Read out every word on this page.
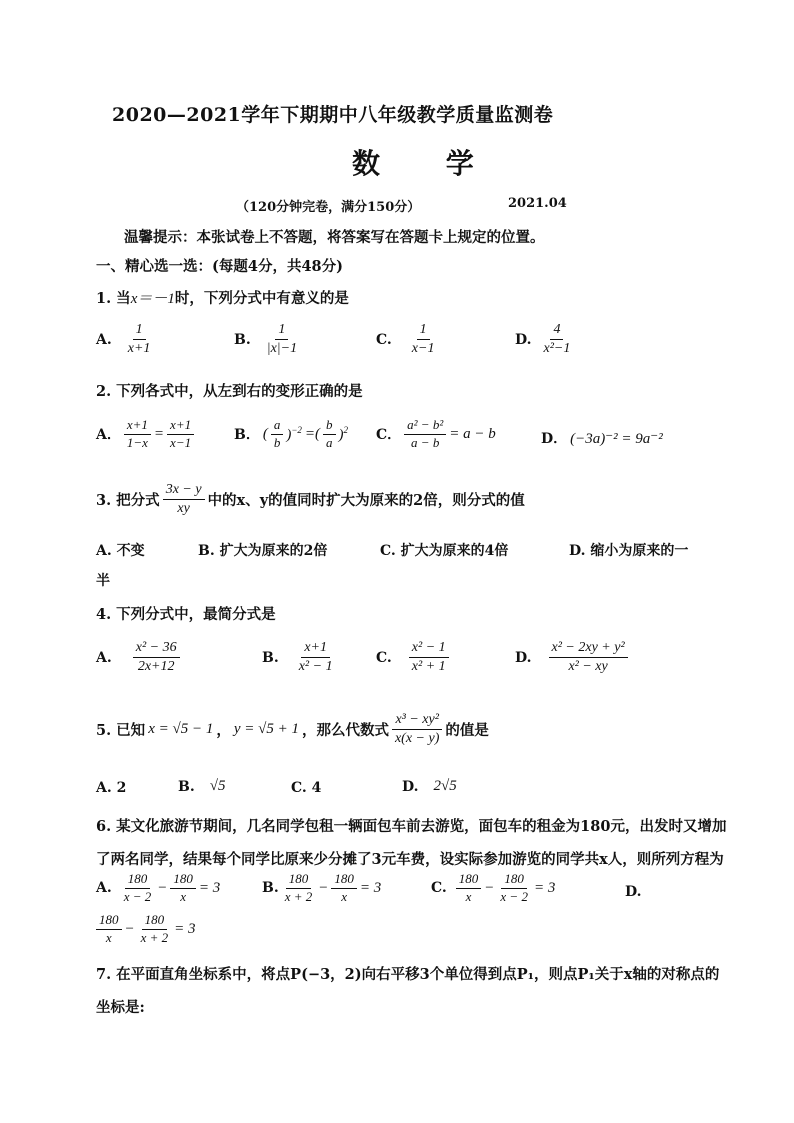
2020—2021学年下期期中八年级教学质量监测卷
数 学
（120分钟完卷，满分150分）	2021.04
温馨提示：本张试卷上不答题，将答案写在答题卡上规定的位置。
一、精心选一选：(每题4分，共48分)
1. 当x＝－1时，下列分式中有意义的是
A. $\frac{1}{x+1}$	B. $\frac{1}{|x|-1}$	C. $\frac{1}{x-1}$	D. $\frac{4}{\text{x²−1}}$
2. 下列各式中，从左到右的变形正确的是
A． $\frac{x+1}{1-x} = \frac{x+1}{x-1}$	B． ( $\frac{a}{b} )^{-2}$ =( $\frac{b}{a} )^2$ C． $\frac{\text{a² − b²}}{a - b} = a - b$	D． (−3a)⁻² = 9a⁻²
3. 把分式 $\frac{3x - y}{xy}$ 中的x、y的值同时扩大为原来的2倍，则分式的值
A. 不变	B. 扩大为原来的2倍	C. 扩大为原来的4倍	D. 缩小为原来的一
半
4. 下列分式中，最简分式是
A. $\frac{\text{x² − 36}}{2x+12}$	B. $\frac{x+1}{\text{x² − 1}}$	C. $\frac{\text{x² − 1}}{\text{x² + 1}}$	D. $\frac{\text{x² − 2xy + y²}}{\text{x² − xy}}$
5. 已知 x = √5 − 1 ， y = √5 + 1 ，那么代数式 $\frac{\text{x³ − xy²}}{x(x - y)}$ 的值是
A. 2	B. √5	C. 4	D. 2√5
6. 某文化旅游节期间，几名同学包租一辆面包车前去游览，面包车的租金为180元，出发时又增加
了两名同学，结果每个同学比原来少分摊了3元车费，设实际参加游览的同学共x人，则所列方程为
A. $\frac{180}{x - 2} - \frac{180}{x} = 3$	B. $\frac{180}{x + 2} - \frac{180}{x} = 3$	C. $\frac{180}{x} - \frac{180}{x - 2} = 3$	D.
$\frac{180}{x} - \frac{180}{x + 2} = 3$
7. 在平面直角坐标系中，将点P(−3，2)向右平移3个单位得到点P₁，则点P₁关于x轴的对称点的
坐标是:
